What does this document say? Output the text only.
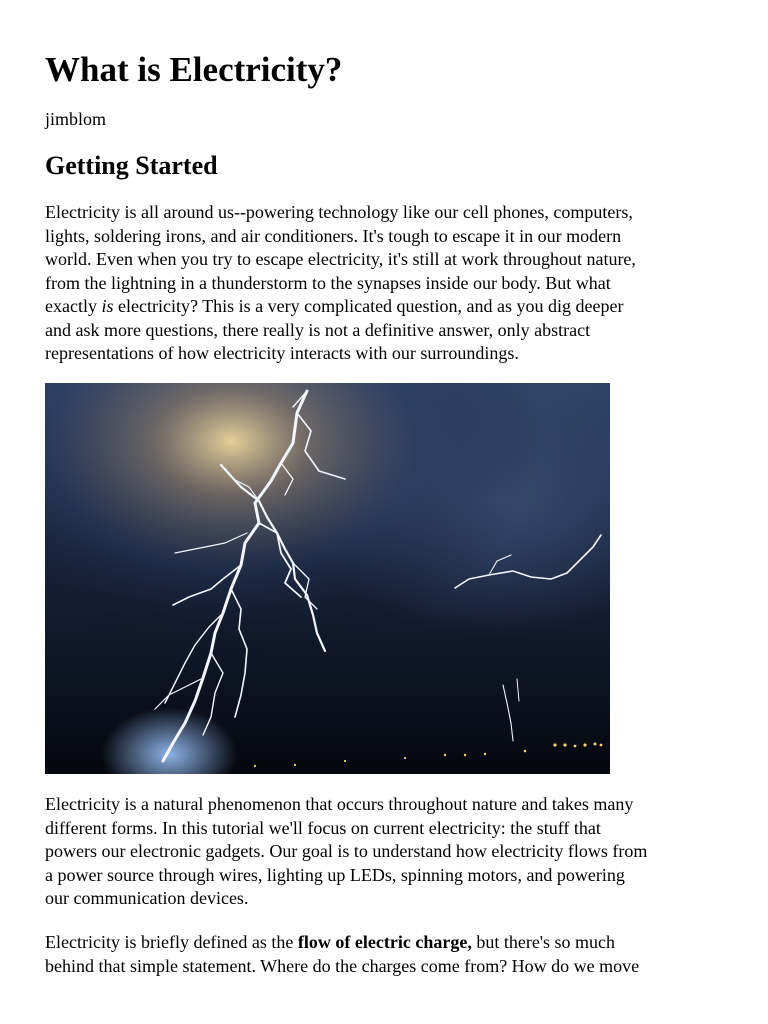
What is Electricity?
jimblom
Getting Started

Electricity is all around us--powering technology like our cell phones, computers,
lights, soldering irons, and air conditioners. It's tough to escape it in our modern
world. Even when you try to escape electricity, it's still at work throughout nature,
from the lightning in a thunderstorm to the synapses inside our body. But what
exactly is electricity? This is a very complicated question, and as you dig deeper
and ask more questions, there really is not a definitive answer, only abstract
representations of how electricity interacts with our surroundings.

Electricity is a natural phenomenon that occurs throughout nature and takes many
different forms. In this tutorial we'll focus on current electricity: the stuff that
powers our electronic gadgets. Our goal is to understand how electricity flows from
a power source through wires, lighting up LEDs, spinning motors, and powering
our communication devices.

Electricity is briefly defined as the flow of electric charge, but there's so much
behind that simple statement. Where do the charges come from? How do we move
